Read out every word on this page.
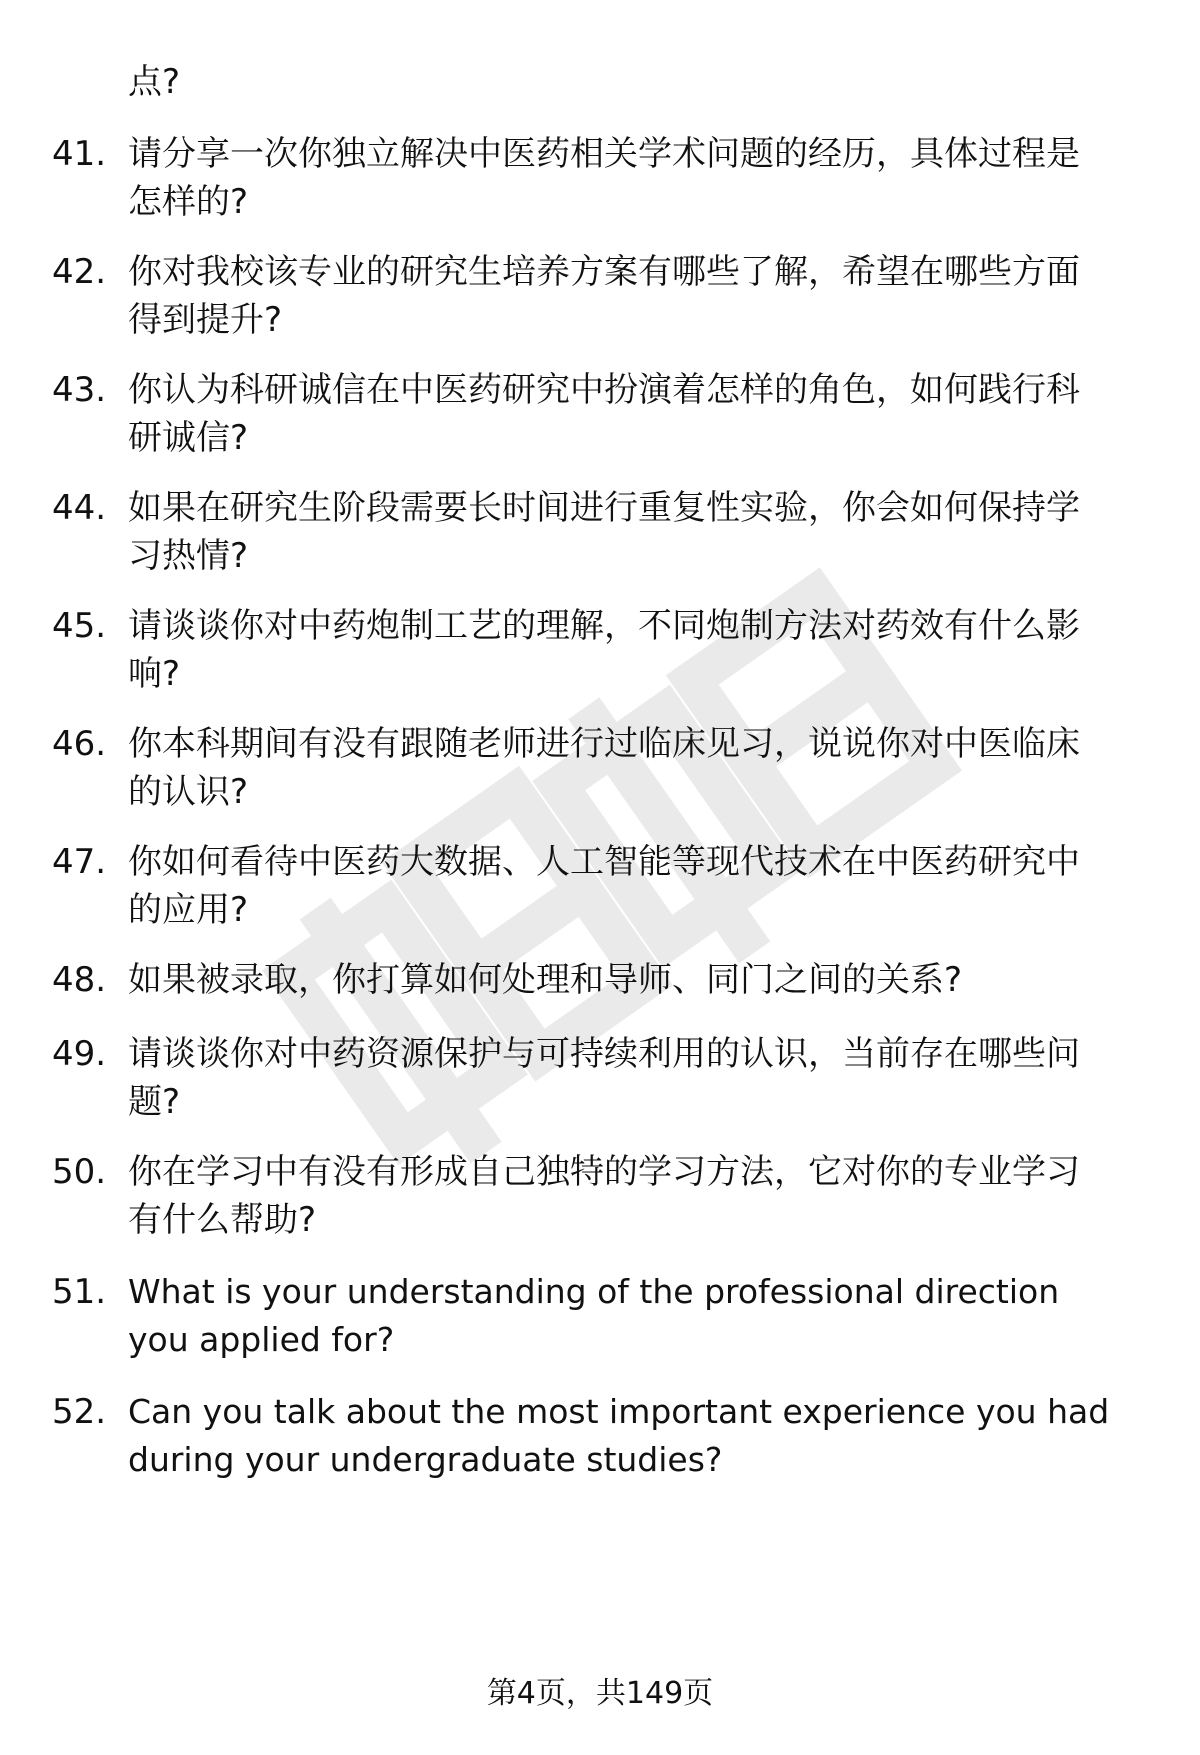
点?
41. 请分享一次你独立解决中医药相关学术问题的经历，具体过程是
怎样的?
42. 你对我校该专业的研究生培养方案有哪些了解，希望在哪些方面
得到提升?
43. 你认为科研诚信在中医药研究中扮演着怎样的角色，如何践行科
研诚信?
44. 如果在研究生阶段需要长时间进行重复性实验，你会如何保持学
习热情?
45. 请谈谈你对中药炮制工艺的理解，不同炮制方法对药效有什么影
响?
46. 你本科期间有没有跟随老师进行过临床见习，说说你对中医临床
的认识?
47. 你如何看待中医药大数据、人工智能等现代技术在中医药研究中
的应用?
48. 如果被录取，你打算如何处理和导师、同门之间的关系?
49. 请谈谈你对中药资源保护与可持续利用的认识，当前存在哪些问
题?
50. 你在学习中有没有形成自己独特的学习方法，它对你的专业学习
有什么帮助?
51. What is your understanding of the professional direction
you applied for?
52. Can you talk about the most important experience you had
during your undergraduate studies?
第4页，共149页
